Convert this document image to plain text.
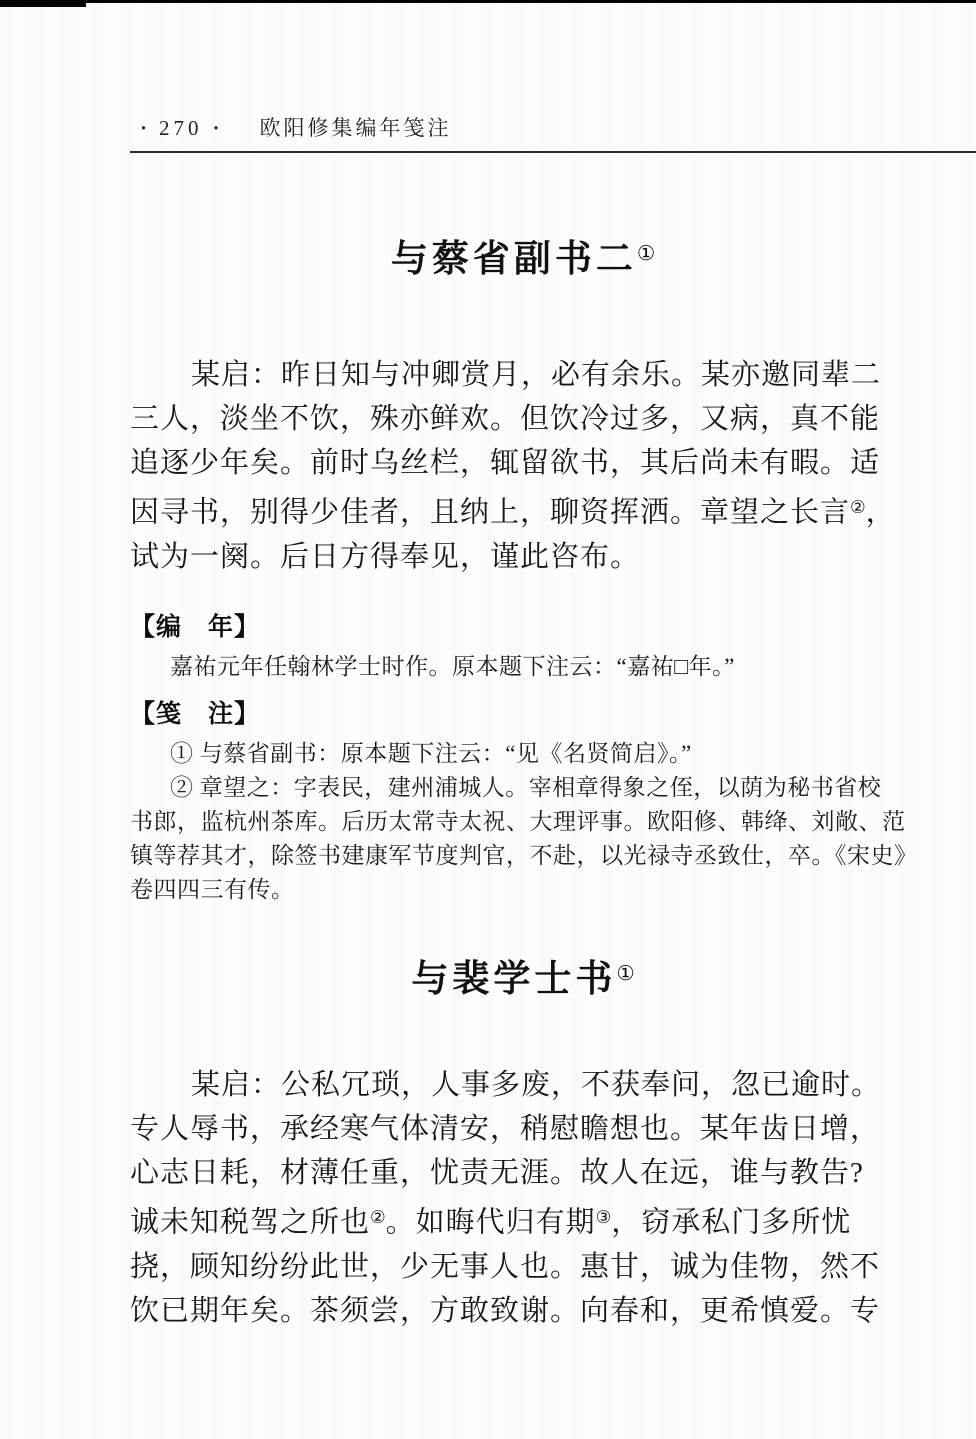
· 270 · 欧阳修集编年笺注
与蔡省副书二①
某启：昨日知与冲卿赏月，必有余乐。某亦邀同辈二
三人，淡坐不饮，殊亦鲜欢。但饮冷过多，又病，真不能
追逐少年矣。前时乌丝栏，辄留欲书，其后尚未有暇。适
因寻书，别得少佳者，且纳上，聊资挥洒。章望之长言②，
试为一阕。后日方得奉见，谨此咨布。
【编　年】
嘉祐元年任翰林学士时作。原本题下注云：“嘉祐□年。”
【笺　注】
① 与蔡省副书：原本题下注云：“见《名贤简启》。”
② 章望之：字表民，建州浦城人。宰相章得象之侄，以荫为秘书省校
书郎，监杭州茶库。后历太常寺太祝、大理评事。欧阳修、韩绛、刘敞、范
镇等荐其才，除签书建康军节度判官，不赴，以光禄寺丞致仕，卒。《宋史》
卷四四三有传。
与裴学士书①
某启：公私冗琐，人事多废，不获奉问，忽已逾时。
专人辱书，承经寒气体清安，稍慰瞻想也。某年齿日增，
心志日耗，材薄任重，忧责无涯。故人在远，谁与教告?
诚未知税驾之所也②。如晦代归有期③，窃承私门多所忧
挠，顾知纷纷此世，少无事人也。惠甘，诚为佳物，然不
饮已期年矣。茶须尝，方敢致谢。向春和，更希慎爱。专
